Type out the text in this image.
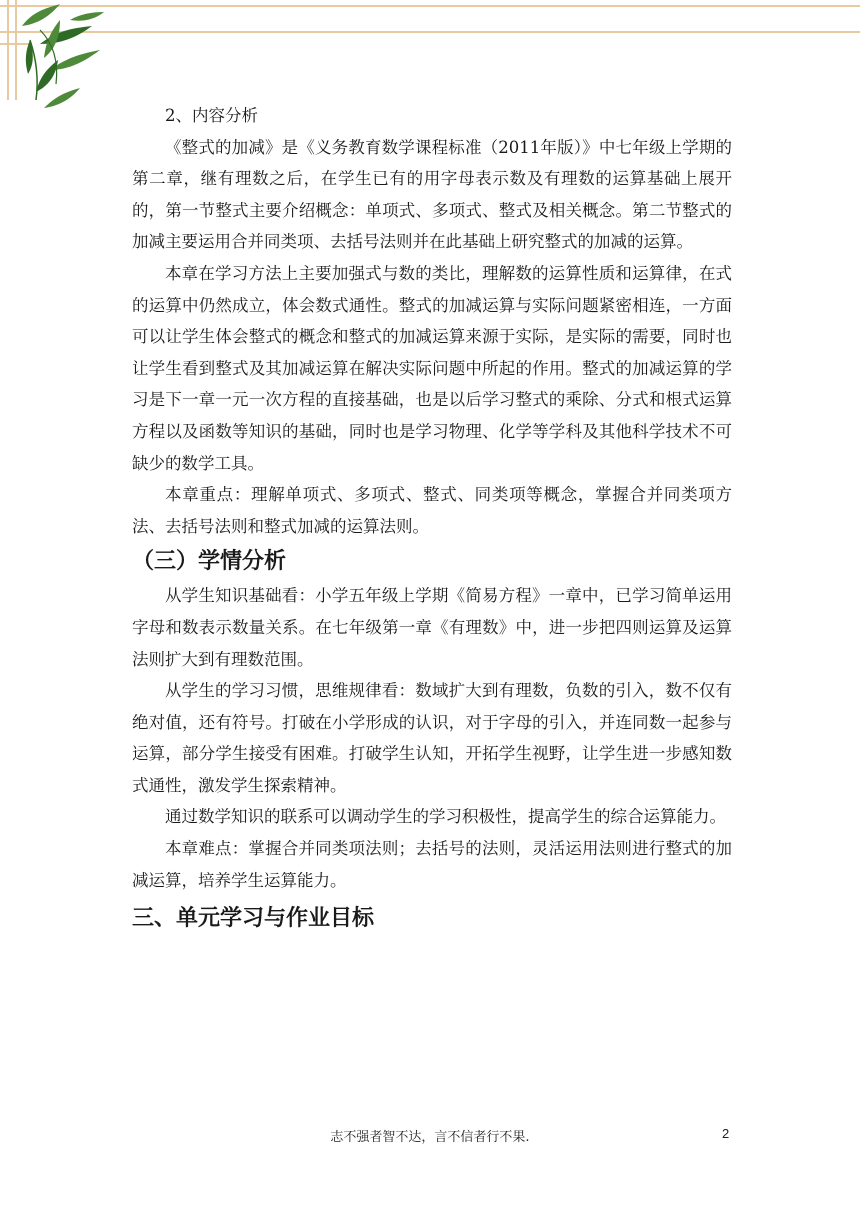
2、内容分析

《整式的加减》是《义务教育数学课程标准（2011年版）》中七年级上学期的第二章，继有理数之后，在学生已有的用字母表示数及有理数的运算基础上展开的，第一节整式主要介绍概念：单项式、多项式、整式及相关概念。第二节整式的加减主要运用合并同类项、去括号法则并在此基础上研究整式的加减的运算。

本章在学习方法上主要加强式与数的类比，理解数的运算性质和运算律，在式的运算中仍然成立，体会数式通性。整式的加减运算与实际问题紧密相连，一方面可以让学生体会整式的概念和整式的加减运算来源于实际，是实际的需要，同时也让学生看到整式及其加减运算在解决实际问题中所起的作用。整式的加减运算的学习是下一章一元一次方程的直接基础，也是以后学习整式的乘除、分式和根式运算方程以及函数等知识的基础，同时也是学习物理、化学等学科及其他科学技术不可缺少的数学工具。

本章重点：理解单项式、多项式、整式、同类项等概念，掌握合并同类项方法、去括号法则和整式加减的运算法则。

（三）学情分析

从学生知识基础看：小学五年级上学期《简易方程》一章中，已学习简单运用字母和数表示数量关系。在七年级第一章《有理数》中，进一步把四则运算及运算法则扩大到有理数范围。

从学生的学习习惯，思维规律看：数域扩大到有理数，负数的引入，数不仅有绝对值，还有符号。打破在小学形成的认识，对于字母的引入，并连同数一起参与运算，部分学生接受有困难。打破学生认知，开拓学生视野，让学生进一步感知数式通性，激发学生探索精神。

通过数学知识的联系可以调动学生的学习积极性，提高学生的综合运算能力。

本章难点：掌握合并同类项法则；去括号的法则，灵活运用法则进行整式的加减运算，培养学生运算能力。

三、单元学习与作业目标
志不强者智不达，言不信者行不果.	2
